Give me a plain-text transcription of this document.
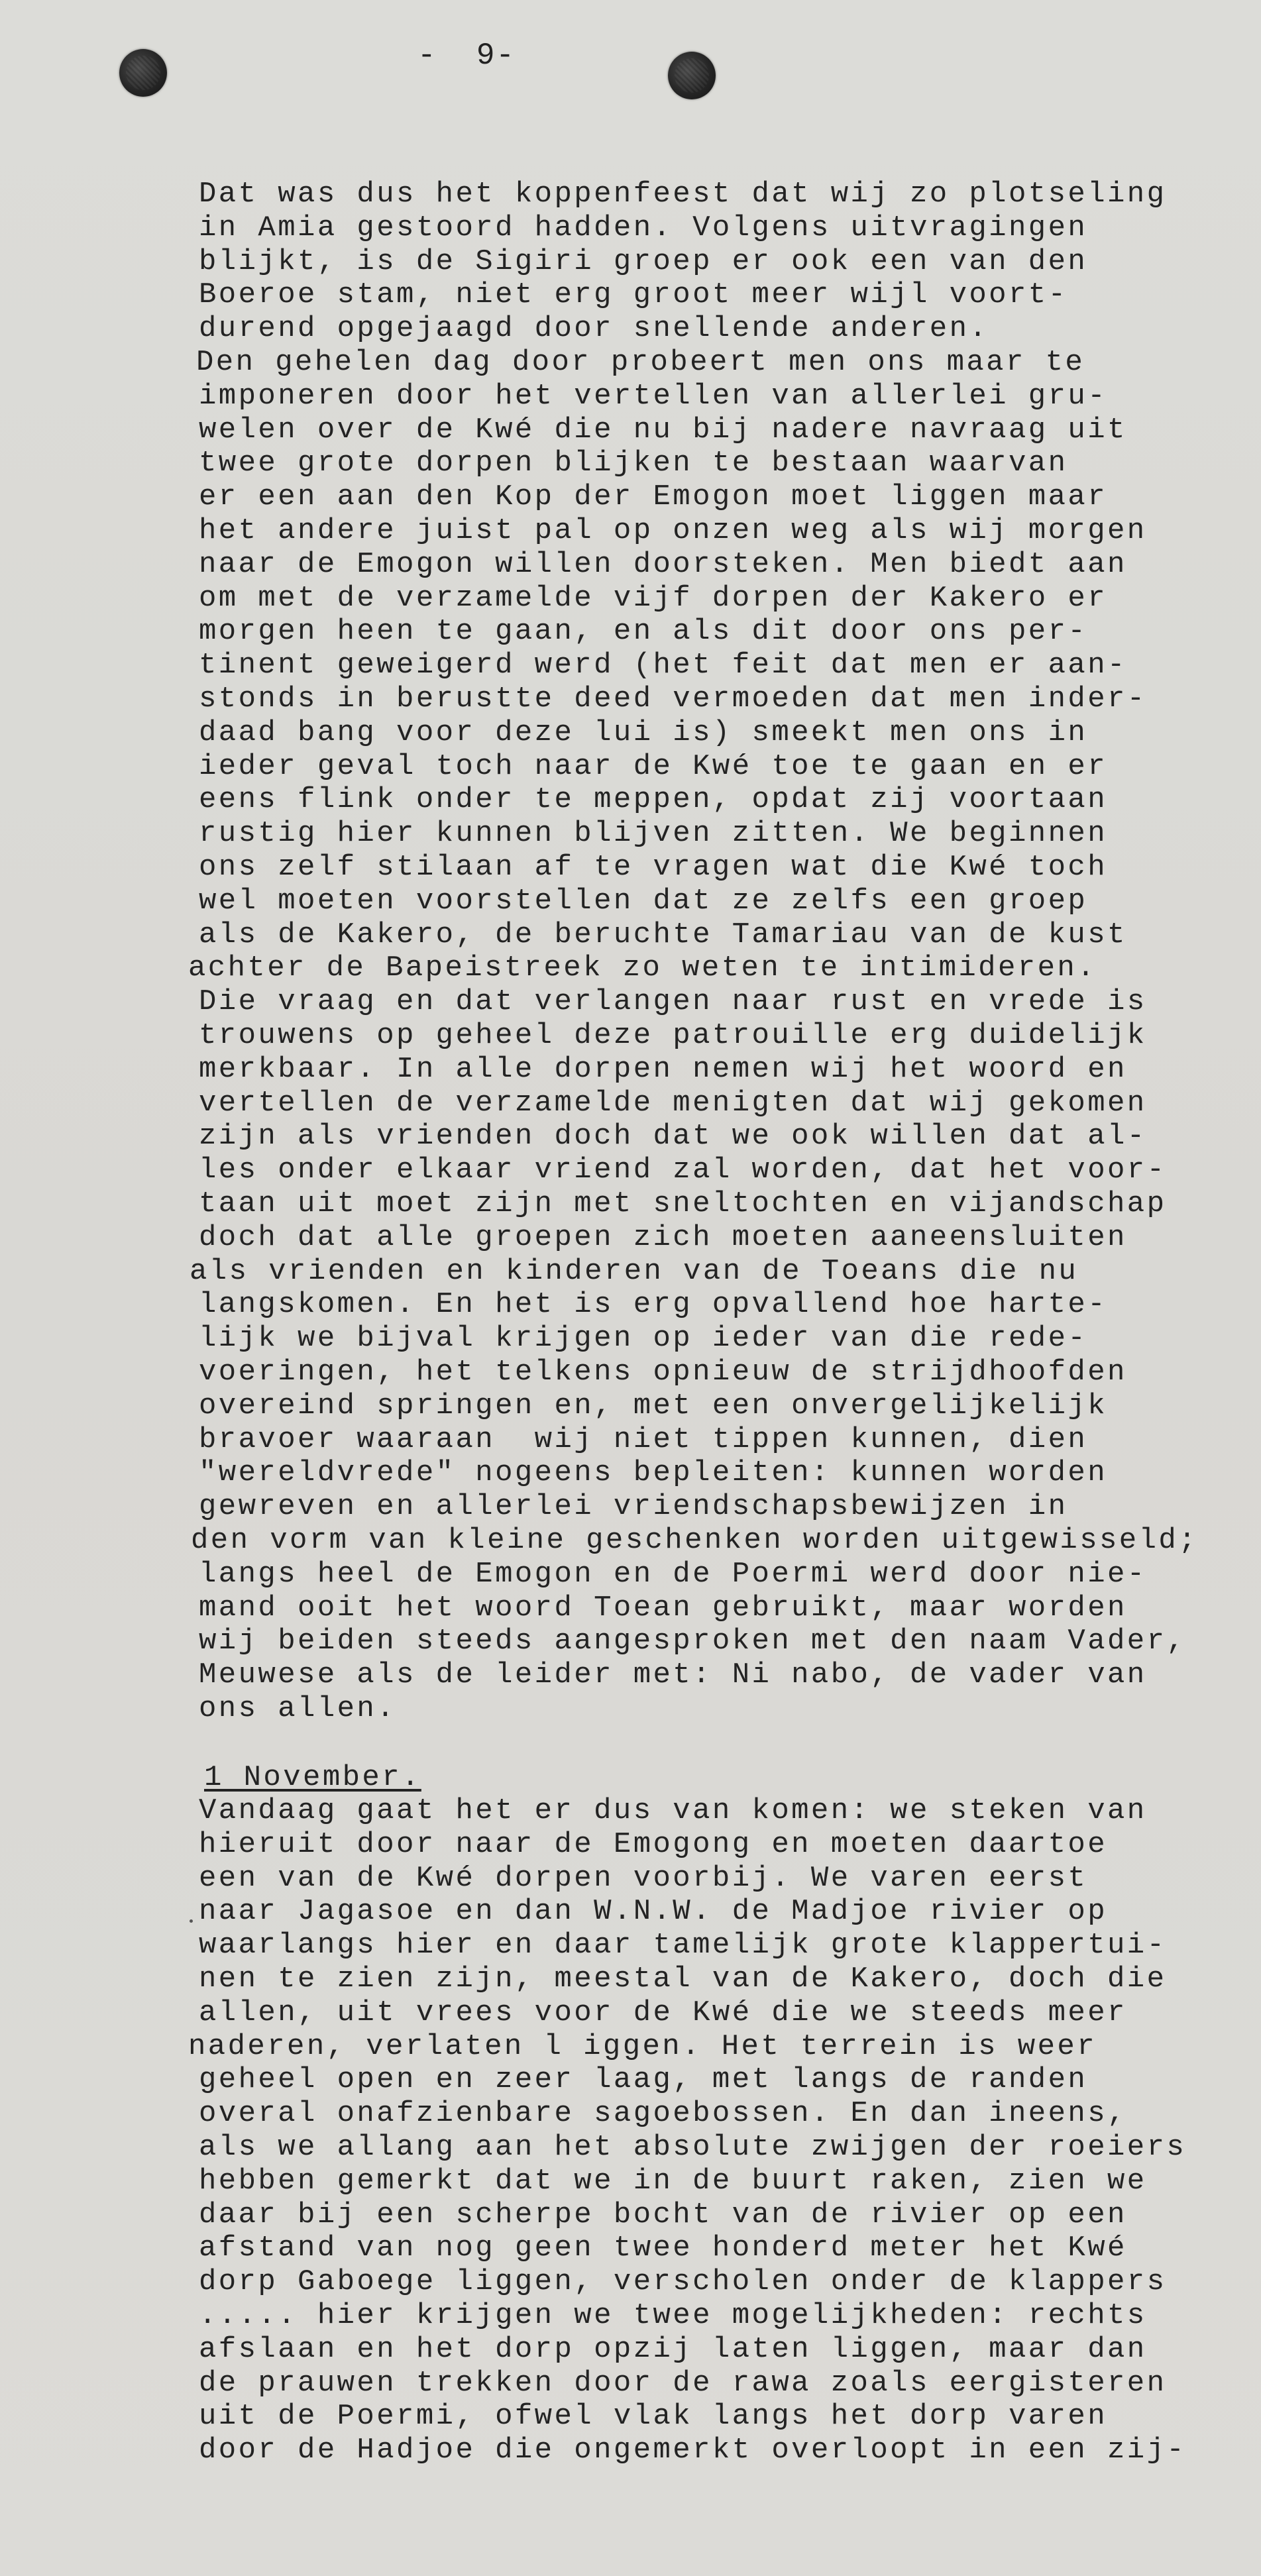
-  9-
Dat was dus het koppenfeest dat wij zo plotseling
in Amia gestoord hadden. Volgens uitvragingen
blijkt, is de Sigiri groep er ook een van den
Boeroe stam, niet erg groot meer wijl voort-
durend opgejaagd door snellende anderen.
Den gehelen dag door probeert men ons maar te
imponeren door het vertellen van allerlei gru-
welen over de Kwé die nu bij nadere navraag uit
twee grote dorpen blijken te bestaan waarvan
er een aan den Kop der Emogon moet liggen maar
het andere juist pal op onzen weg als wij morgen
naar de Emogon willen doorsteken. Men biedt aan
om met de verzamelde vijf dorpen der Kakero er
morgen heen te gaan, en als dit door ons per-
tinent geweigerd werd (het feit dat men er aan-
stonds in berustte deed vermoeden dat men inder-
daad bang voor deze lui is) smeekt men ons in
ieder geval toch naar de Kwé toe te gaan en er
eens flink onder te meppen, opdat zij voortaan
rustig hier kunnen blijven zitten. We beginnen
ons zelf stilaan af te vragen wat die Kwé toch
wel moeten voorstellen dat ze zelfs een groep
als de Kakero, de beruchte Tamariau van de kust
achter de Bapeistreek zo weten te intimideren.
Die vraag en dat verlangen naar rust en vrede is
trouwens op geheel deze patrouille erg duidelijk
merkbaar. In alle dorpen nemen wij het woord en
vertellen de verzamelde menigten dat wij gekomen
zijn als vrienden doch dat we ook willen dat al-
les onder elkaar vriend zal worden, dat het voor-
taan uit moet zijn met sneltochten en vijandschap
doch dat alle groepen zich moeten aaneensluiten
als vrienden en kinderen van de Toeans die nu
langskomen. En het is erg opvallend hoe harte-
lijk we bijval krijgen op ieder van die rede-
voeringen, het telkens opnieuw de strijdhoofden
overeind springen en, met een onvergelijkelijk
bravoer waaraan  wij niet tippen kunnen, dien
"wereldvrede" nogeens bepleiten: kunnen worden
gewreven en allerlei vriendschapsbewijzen in
den vorm van kleine geschenken worden uitgewisseld;
langs heel de Emogon en de Poermi werd door nie-
mand ooit het woord Toean gebruikt, maar worden
wij beiden steeds aangesproken met den naam Vader,
Meuwese als de leider met: Ni nabo, de vader van
ons allen.
1 November.
Vandaag gaat het er dus van komen: we steken van
hieruit door naar de Emogong en moeten daartoe
een van de Kwé dorpen voorbij. We varen eerst
naar Jagasoe en dan W.N.W. de Madjoe rivier op
waarlangs hier en daar tamelijk grote klappertui-
nen te zien zijn, meestal van de Kakero, doch die
allen, uit vrees voor de Kwé die we steeds meer
naderen, verlaten l iggen. Het terrein is weer
geheel open en zeer laag, met langs de randen
overal onafzienbare sagoebossen. En dan ineens,
als we allang aan het absolute zwijgen der roeiers
hebben gemerkt dat we in de buurt raken, zien we
daar bij een scherpe bocht van de rivier op een
afstand van nog geen twee honderd meter het Kwé
dorp Gaboege liggen, verscholen onder de klappers
..... hier krijgen we twee mogelijkheden: rechts
afslaan en het dorp opzij laten liggen, maar dan
de prauwen trekken door de rawa zoals eergisteren
uit de Poermi, ofwel vlak langs het dorp varen
door de Hadjoe die ongemerkt overloopt in een zij-
